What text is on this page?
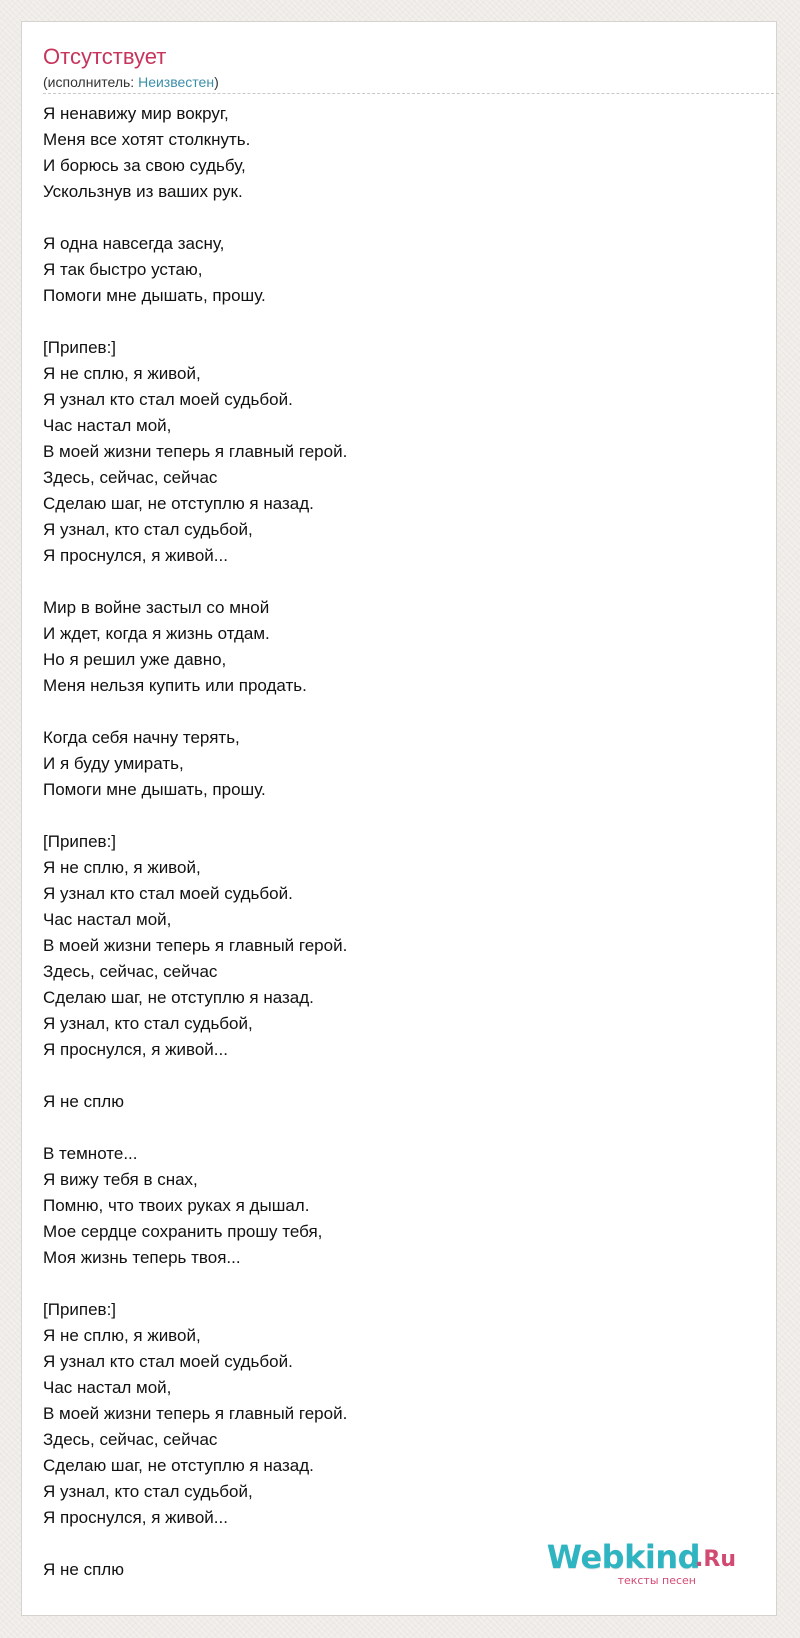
Отсутствует
(исполнитель: Неизвестен)
Я ненавижу мир вокруг,
Меня все хотят столкнуть.
И борюсь за свою судьбу,
Ускользнув из ваших рук.
Я одна навсегда засну,
Я так быстро устаю,
Помоги мне дышать, прошу.
[Припев:]
Я не сплю, я живой,
Я узнал кто стал моей судьбой.
Час настал мой,
В моей жизни теперь я главный герой.
Здесь, сейчас, сейчас
Сделаю шаг, не отступлю я назад.
Я узнал, кто стал судьбой,
Я проснулся, я живой...
Мир в войне застыл со мной
И ждет, когда я жизнь отдам.
Но я решил уже давно,
Меня нельзя купить или продать.
Когда себя начну терять,
И я буду умирать,
Помоги мне дышать, прошу.
[Припев:]
Я не сплю, я живой,
Я узнал кто стал моей судьбой.
Час настал мой,
В моей жизни теперь я главный герой.
Здесь, сейчас, сейчас
Сделаю шаг, не отступлю я назад.
Я узнал, кто стал судьбой,
Я проснулся, я живой...
Я не сплю
В темноте...
Я вижу тебя в снах,
Помню, что твоих руках я дышал.
Мое сердце сохранить прошу тебя,
Моя жизнь теперь твоя...
[Припев:]
Я не сплю, я живой,
Я узнал кто стал моей судьбой.
Час настал мой,
В моей жизни теперь я главный герой.
Здесь, сейчас, сейчас
Сделаю шаг, не отступлю я назад.
Я узнал, кто стал судьбой,
Я проснулся, я живой...
Я не сплю	Webkind
.Ru
тексты песен
